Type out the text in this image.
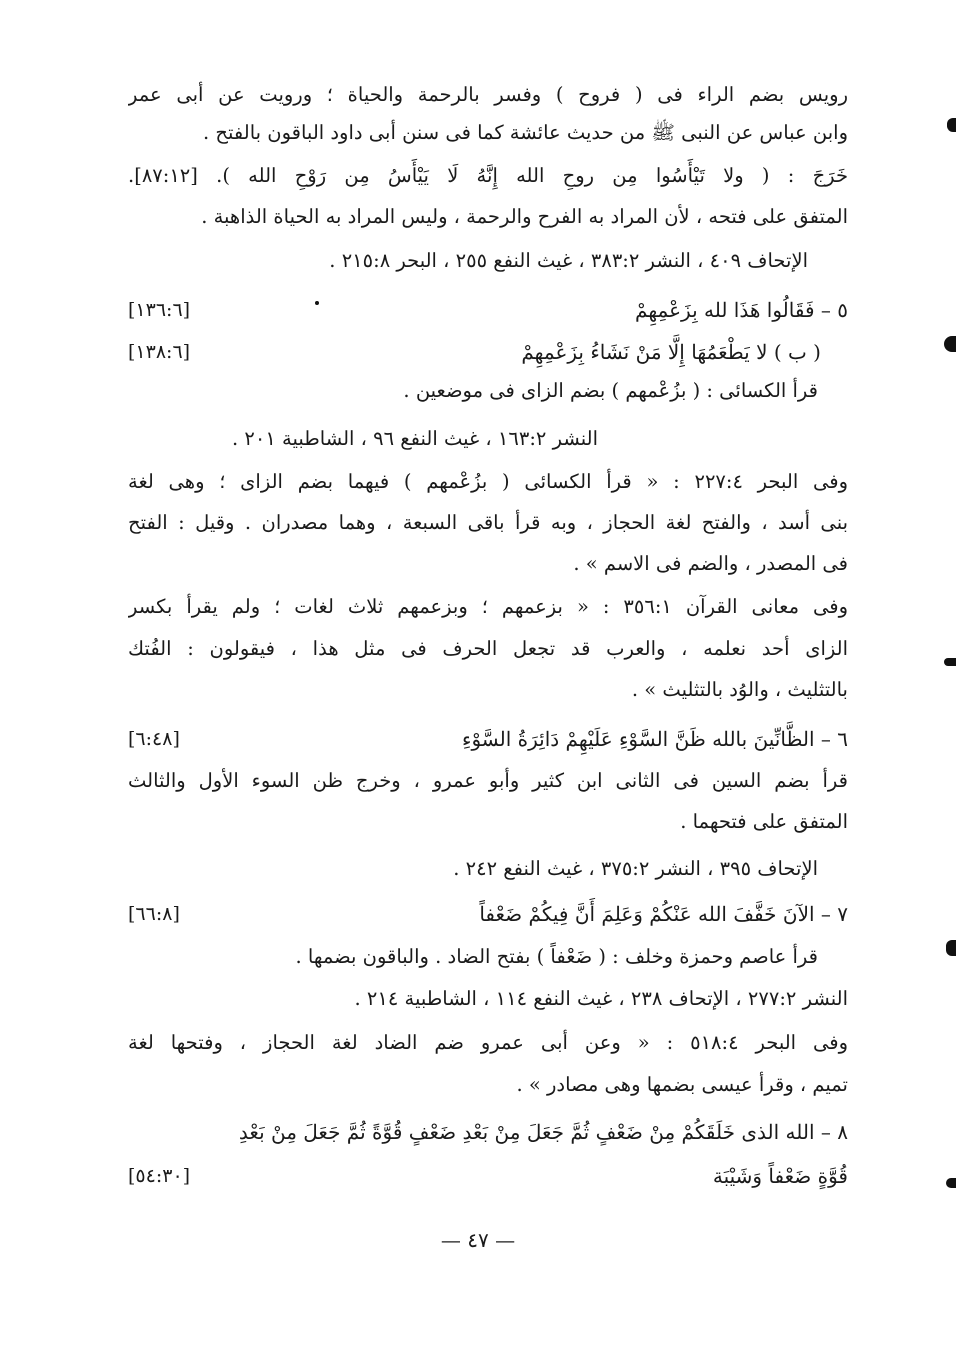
رويس بضم الراء فى ( فروح ) وفسر بالرحمة والحياة ؛ ورويت عن أبى عمر
وابن عباس عن النبى ﷺ من حديث عائشة كما فى سنن أبى داود الباقون بالفتح .
خَرَجَ : ( ولا تَيْأَسُوا مِن روحِ الله إِنَّهُ لَا يَيْأَسُ مِن رَوْحِ الله ). [٨٧:١٢].
المتفق على فتحه ، لأن المراد به الفرح والرحمة ، وليس المراد به الحياة الذاهبة .
الإتحاف ٤٠٩ ، النشر ٣٨٣:٢ ، غيث النفع ٢٥٥ ، البحر ٢١٥:٨ .
[١٣٦:٦]	٥ – فَقَالُوا هَذَا لله بِزَعْمِهِمْ
[١٣٨:٦]	( ب ) لا يَطْعَمُهَا إِلَّا مَنْ نَشَاءُ بِزَعْمِهِمْ
قرأ الكسائى : ( بزُعْمهم ) بضم الزاى فى موضعين .
النشر ١٦٣:٢ ، غيث النفع ٩٦ ، الشاطبية ٢٠١ .
وفى البحر ٢٢٧:٤ : « قرأ الكسائى ( بزُعْمهم ) فيهما بضم الزاى ؛ وهى لغة
بنى أسد ، والفتح لغة الحجاز ، وبه قرأ باقى السبعة ، وهما مصدران . وقيل : الفتح
فى المصدر ، والضم فى الاسم » .
وفى معانى القرآن ٣٥٦:١ : « بزعمهم ؛ وبزعمهم ثلاث لغات ؛ ولم يقرأ بكسر
الزاى أحد نعلمه ، والعرب قد تجعل الحرف فى مثل هذا ، فيقولون : الفُتك
بالتثليث ، والوُد بالتثليث » .
[٦:٤٨]	٦ – الظَّانِّينَ بالله ظَنَّ السَّوْءِ عَلَيْهِمْ دَائِرَةُ السَّوْءِ
قرأ بضم السين فى الثانى ابن كثير وأبو عمرو ، وخرج ظن السوء الأول والثالث
المتفق على فتحهما .
الإتحاف ٣٩٥ ، النشر ٣٧٥:٢ ، غيث النفع ٢٤٢ .
[٦٦:٨]	٧ – الآنَ خَفَّفَ الله عَنْكُمْ وَعَلِمَ أَنَّ فِيكُمْ ضَعْفاً
قرأ عاصم وحمزة وخلف : ( ضَعْفاً ) بفتح الضاد . والباقون بضمها .
النشر ٢٧٧:٢ ، الإتحاف ٢٣٨ ، غيث النفع ١١٤ ، الشاطبية ٢١٤ .
وفى البحر ٥١٨:٤ : « وعن أبى عمرو ضم الضاد لغة الحجاز ، وفتحها لغة
تميم ، وقرأ عيسى بضمها وهى مصادر » .
٨ – الله الذى خَلَقَكُمْ مِنْ ضَعْفٍ ثُمَّ جَعَلَ مِنْ بَعْدِ ضَعْفٍ قُوَّةً ثُمَّ جَعَلَ مِنْ بَعْدِ
[٥٤:٣٠]	قُوَّةٍ ضَعْفاً وَشَيْبَة
— ٤٧ —
